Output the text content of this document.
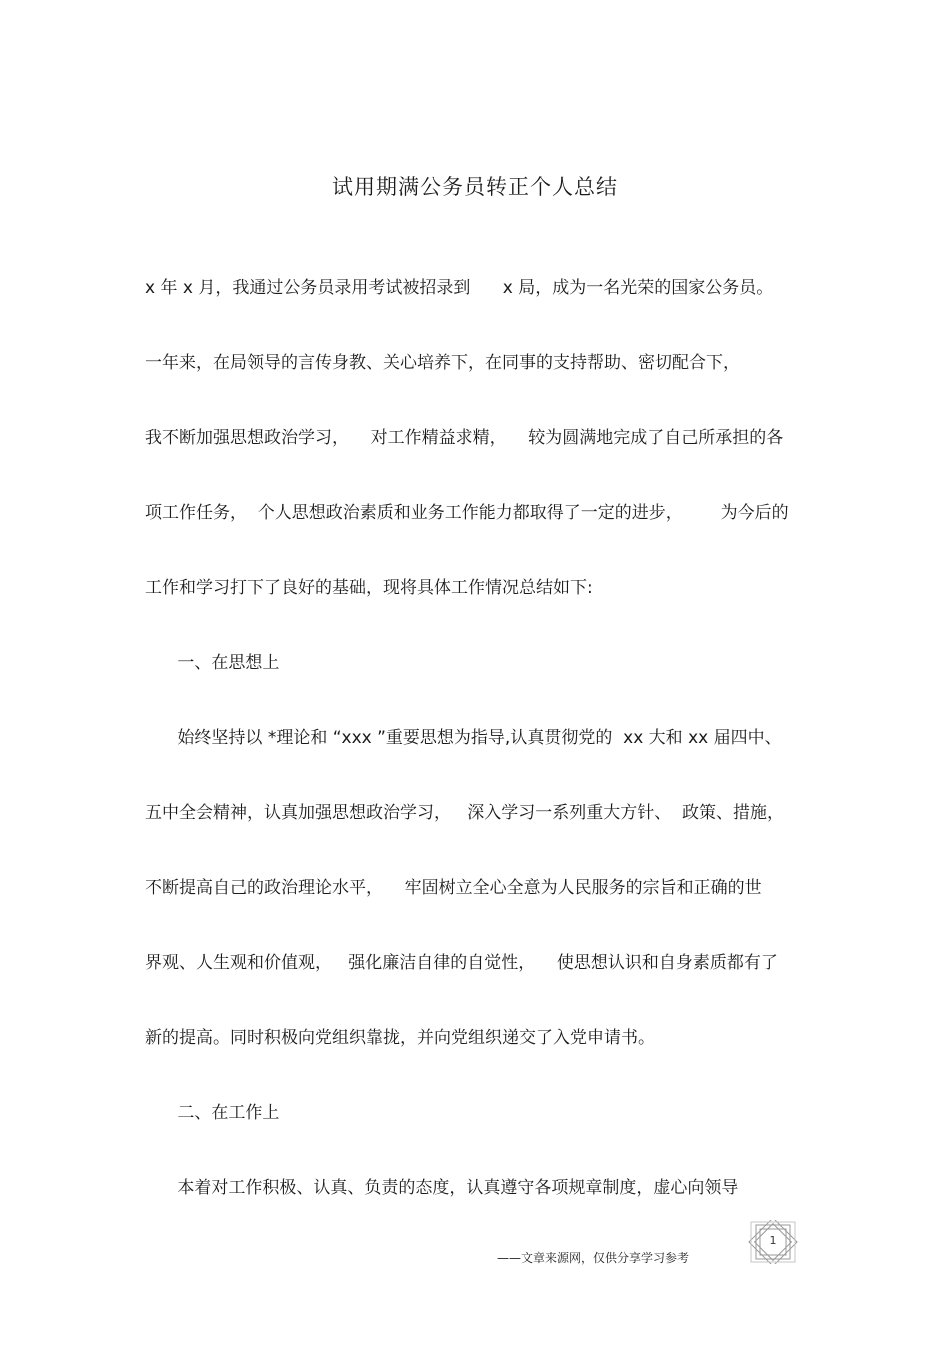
试用期满公务员转正个人总结
x 年 x 月，我通过公务员录用考试被招录到      x 局，成为一名光荣的国家公务员。
一年来，在局领导的言传身教、关心培养下，在同事的支持帮助、密切配合下，
我不断加强思想政治学习，    对工作精益求精，    较为圆满地完成了自己所承担的各
项工作任务，  个人思想政治素质和业务工作能力都取得了一定的进步，       为今后的
工作和学习打下了良好的基础，现将具体工作情况总结如下:
一、在思想上
始终坚持以 *理论和 “xxx ”重要思想为指导,认真贯彻党的  xx 大和 xx 届四中、
五中全会精神，认真加强思想政治学习，   深入学习一系列重大方针、  政策、措施，
不断提高自己的政治理论水平，    牢固树立全心全意为人民服务的宗旨和正确的世
界观、人生观和价值观，   强化廉洁自律的自觉性，    使思想认识和自身素质都有了
新的提高。同时积极向党组织靠拢，并向党组织递交了入党申请书。
二、在工作上
本着对工作积极、认真、负责的态度，认真遵守各项规章制度，虚心向领导
——文章来源网，仅供分享学习参考
1
